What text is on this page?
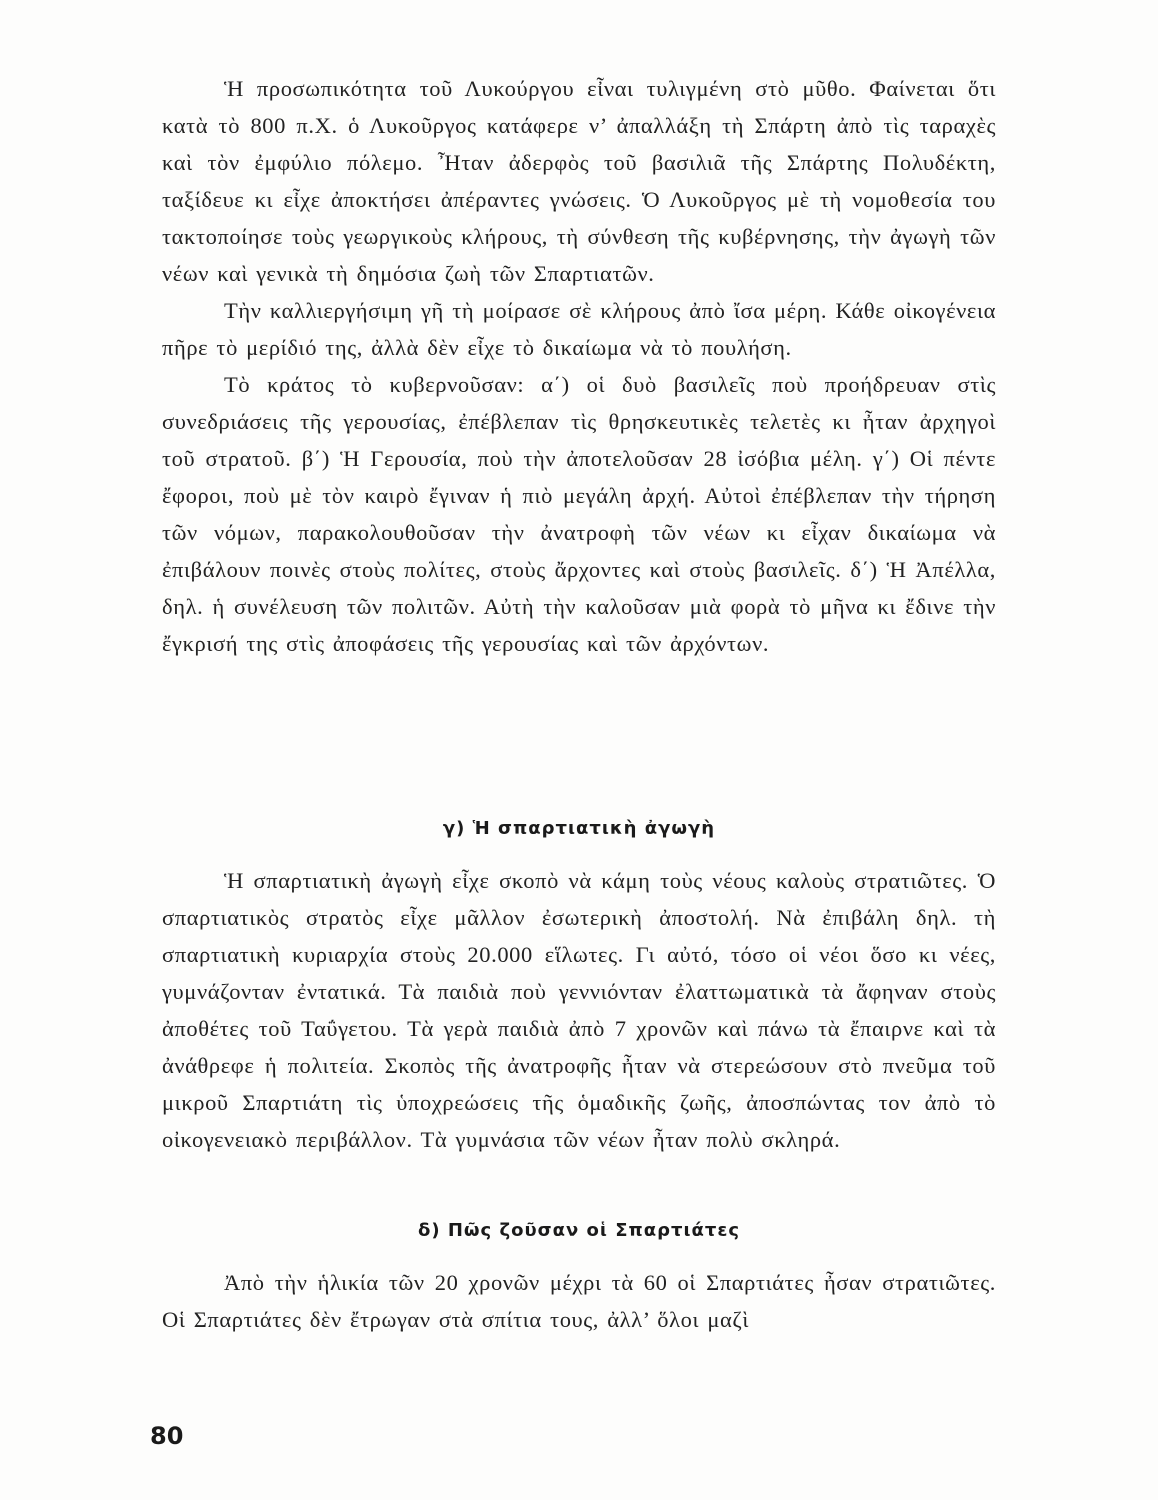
Ἡ προσωπικότητα τοῦ Λυκούργου εἶναι τυλιγμένη στὸ μῦθο. Φαίνεται ὅτι κατὰ τὸ 800 π.Χ. ὁ Λυκοῦργος κατάφερε ν’ ἀπαλλάξη τὴ Σπάρτη ἀπὸ τὶς ταραχὲς καὶ τὸν ἐμφύλιο πόλεμο. Ἦταν ἀδερφὸς τοῦ βασιλιᾶ τῆς Σπάρτης Πολυδέκτη, ταξίδευε κι εἶχε ἀποκτήσει ἀπέραντες γνώσεις. Ὁ Λυκοῦργος μὲ τὴ νομοθεσία του τακτοποίησε τοὺς γεωργικοὺς κλήρους, τὴ σύνθεση τῆς κυβέρνησης, τὴν ἀγωγὴ τῶν νέων καὶ γενικὰ τὴ δημόσια ζωὴ τῶν Σπαρτιατῶν.

Τὴν καλλιεργήσιμη γῆ τὴ μοίρασε σὲ κλήρους ἀπὸ ἴσα μέρη. Κάθε οἰκογένεια πῆρε τὸ μερίδιό της, ἀλλὰ δὲν εἶχε τὸ δικαίωμα νὰ τὸ πουλήση.

Τὸ κράτος τὸ κυβερνοῦσαν: α΄) οἱ δυὸ βασιλεῖς ποὺ προήδρευαν στὶς συνεδριάσεις τῆς γερουσίας, ἐπέβλεπαν τὶς θρησκευτικὲς τελετὲς κι ἦταν ἀρχηγοὶ τοῦ στρατοῦ. β΄) Ἡ Γερουσία, ποὺ τὴν ἀποτελοῦσαν 28 ἰσόβια μέλη. γ΄) Οἱ πέντε ἔφοροι, ποὺ μὲ τὸν καιρὸ ἔγιναν ἡ πιὸ μεγάλη ἀρχή. Αὐτοὶ ἐπέβλεπαν τὴν τήρηση τῶν νόμων, παρακολουθοῦσαν τὴν ἀνατροφὴ τῶν νέων κι εἶχαν δικαίωμα νὰ ἐπιβάλουν ποινὲς στοὺς πολίτες, στοὺς ἄρχοντες καὶ στοὺς βασιλεῖς. δ΄) Ἡ Ἀπέλλα, δηλ. ἡ συνέλευση τῶν πολιτῶν. Αὐτὴ τὴν καλοῦσαν μιὰ φορὰ τὸ μῆνα κι ἔδινε τὴν ἔγκρισή της στὶς ἀποφάσεις τῆς γερουσίας καὶ τῶν ἀρχόντων.

γ) Ἡ σπαρτιατικὴ ἀγωγὴ

Ἡ σπαρτιατικὴ ἀγωγὴ εἶχε σκοπὸ νὰ κάμη τοὺς νέους καλοὺς στρατιῶτες. Ὁ σπαρτιατικὸς στρατὸς εἶχε μᾶλλον ἐσωτερικὴ ἀποστολή. Νὰ ἐπιβάλη δηλ. τὴ σπαρτιατικὴ κυριαρχία στοὺς 20.000 εἵλωτες. Γι αὐτό, τόσο οἱ νέοι ὅσο κι νέες, γυμνάζονταν ἐντατικά. Τὰ παιδιὰ ποὺ γεννιόνταν ἐλαττωματικὰ τὰ ἄφηναν στοὺς ἀποθέτες τοῦ Ταΰγετου. Τὰ γερὰ παιδιὰ ἀπὸ 7 χρονῶν καὶ πάνω τὰ ἔπαιρνε καὶ τὰ ἀνάθρεφε ἡ πολιτεία. Σκοπὸς τῆς ἀνατροφῆς ἦταν νὰ στερεώσουν στὸ πνεῦμα τοῦ μικροῦ Σπαρτιάτη τὶς ὑποχρεώσεις τῆς ὁμαδικῆς ζωῆς, ἀποσπώντας τον ἀπὸ τὸ οἰκογενειακὸ περιβάλλον. Τὰ γυμνάσια τῶν νέων ἦταν πολὺ σκληρά.

δ) Πῶς ζοῦσαν οἱ Σπαρτιάτες

Ἀπὸ τὴν ἡλικία τῶν 20 χρονῶν μέχρι τὰ 60 οἱ Σπαρτιάτες ἦσαν στρατιῶτες. Οἱ Σπαρτιάτες δὲν ἔτρωγαν στὰ σπίτια τους, ἀλλ’ ὅλοι μαζὶ

80
